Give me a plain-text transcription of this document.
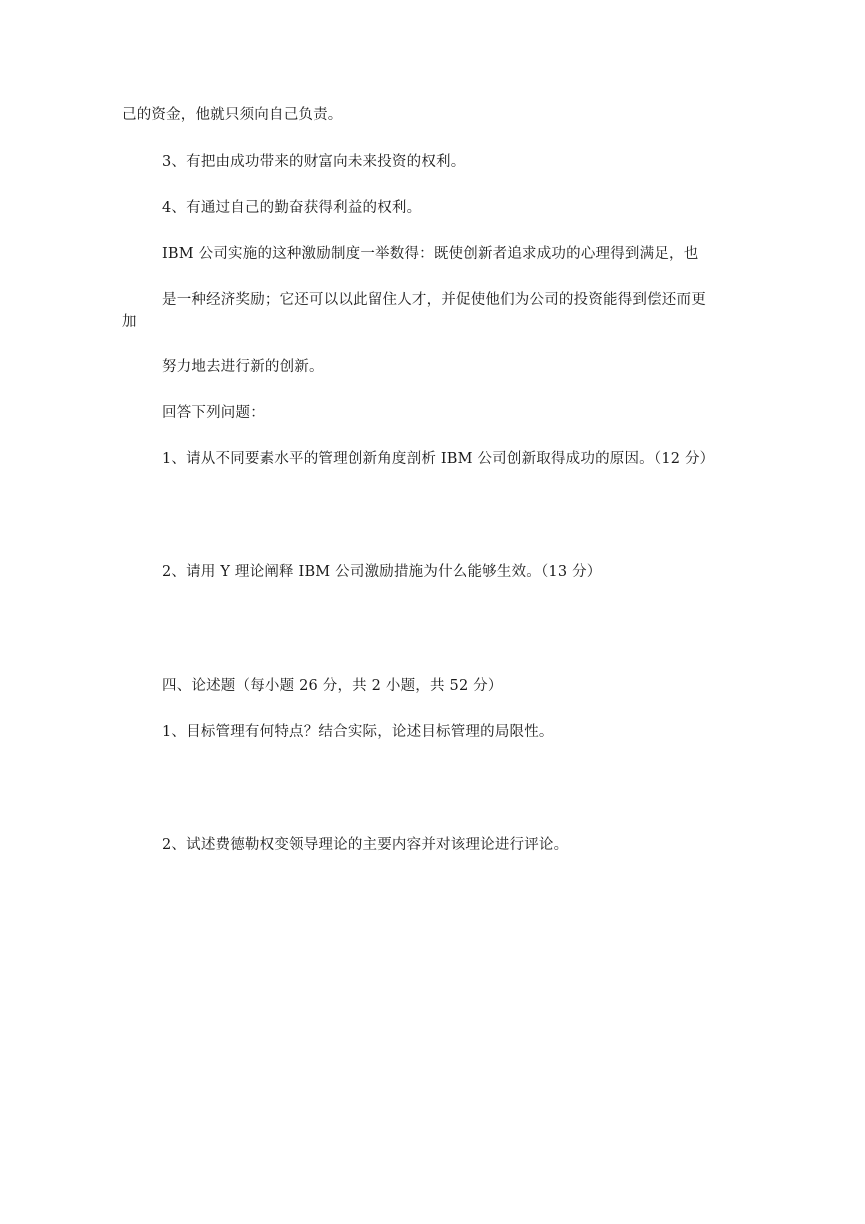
己的资金，他就只须向自己负责。
3、有把由成功带来的财富向未来投资的权利。
4、有通过自己的勤奋获得利益的权利。
IBM 公司实施的这种激励制度一举数得：既使创新者追求成功的心理得到满足，也
是一种经济奖励；它还可以以此留住人才，并促使他们为公司的投资能得到偿还而更
加
努力地去进行新的创新。
回答下列问题：
1、请从不同要素水平的管理创新角度剖析 IBM 公司创新取得成功的原因。（12 分）
2、请用 Y 理论阐释 IBM 公司激励措施为什么能够生效。（13 分）
四、论述题（每小题 26 分，共 2 小题，共 52 分）
1、目标管理有何特点？结合实际，论述目标管理的局限性。
2、试述费德勒权变领导理论的主要内容并对该理论进行评论。
